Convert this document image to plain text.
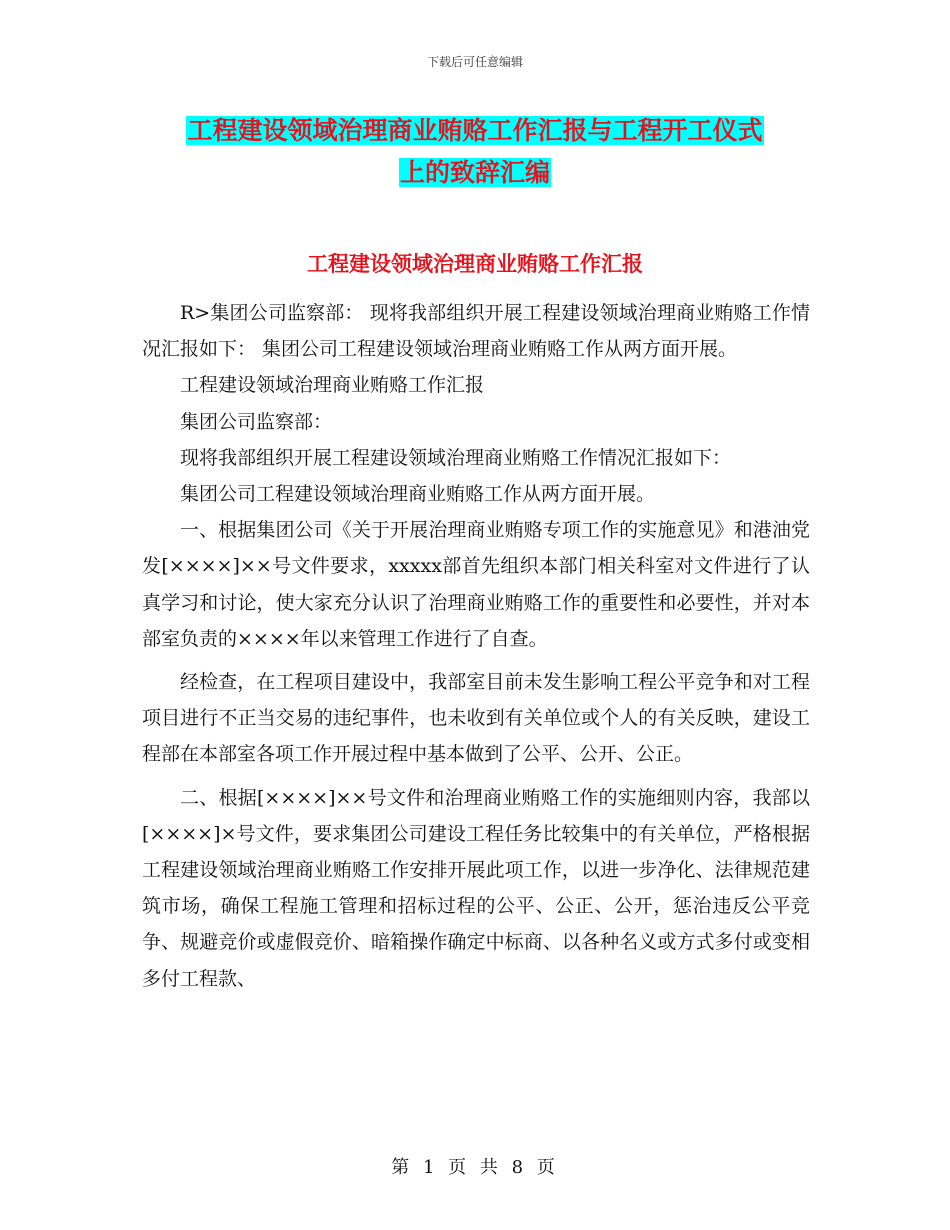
下载后可任意编辑
工程建设领域治理商业贿赂工作汇报与工程开工仪式
上的致辞汇编
工程建设领域治理商业贿赂工作汇报

R>集团公司监察部： 现将我部组织开展工程建设领域治理商业贿赂工作情况汇报如下： 集团公司工程建设领域治理商业贿赂工作从两方面开展。

工程建设领域治理商业贿赂工作汇报

集团公司监察部：

现将我部组织开展工程建设领域治理商业贿赂工作情况汇报如下：

集团公司工程建设领域治理商业贿赂工作从两方面开展。

一、根据集团公司《关于开展治理商业贿赂专项工作的实施意见》和港油党发[××××]××号文件要求，xxxxx部首先组织本部门相关科室对文件进行了认真学习和讨论，使大家充分认识了治理商业贿赂工作的重要性和必要性，并对本部室负责的××××年以来管理工作进行了自查。

经检查，在工程项目建设中，我部室目前未发生影响工程公平竞争和对工程项目进行不正当交易的违纪事件，也未收到有关单位或个人的有关反映，建设工程部在本部室各项工作开展过程中基本做到了公平、公开、公正。

二、根据[××××]××号文件和治理商业贿赂工作的实施细则内容，我部以[××××]×号文件，要求集团公司建设工程任务比较集中的有关单位，严格根据工程建设领域治理商业贿赂工作安排开展此项工作，以进一步净化、法律规范建筑市场，确保工程施工管理和招标过程的公平、公正、公开，惩治违反公平竞争、规避竞价或虚假竞价、暗箱操作确定中标商、以各种名义或方式多付或变相多付工程款、

第 1 页 共 8 页
